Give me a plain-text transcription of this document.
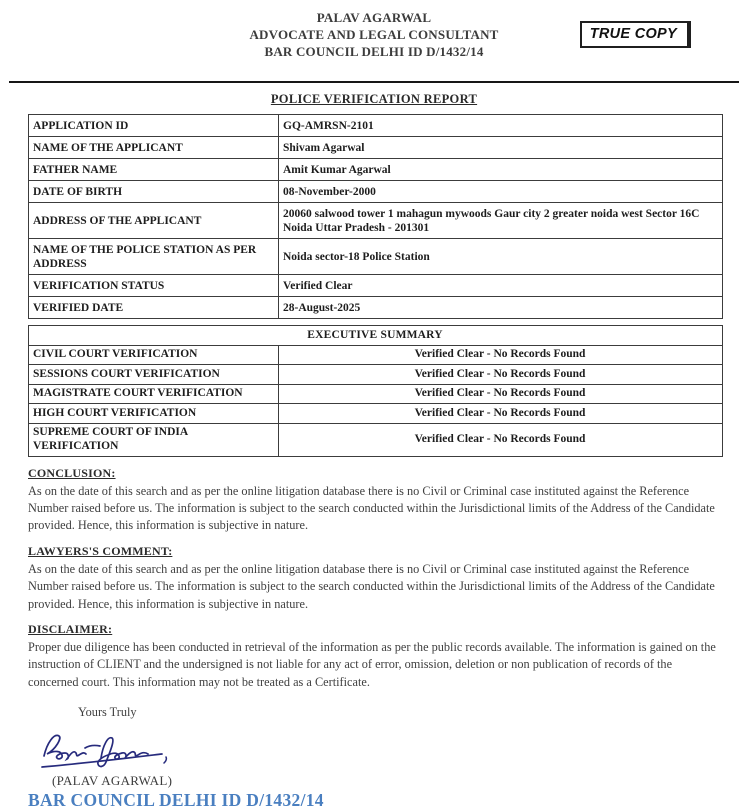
TRUE COPY
PALAV AGARWAL
ADVOCATE AND LEGAL CONSULTANT
BAR COUNCIL DELHI ID D/1432/14
POLICE VERIFICATION REPORT
APPLICATION ID	GQ-AMRSN-2101
NAME OF THE APPLICANT	Shivam Agarwal
FATHER NAME	Amit Kumar Agarwal
DATE OF BIRTH	08-November-2000
ADDRESS OF THE APPLICANT	20060 salwood tower 1 mahagun mywoods Gaur city 2 greater noida west Sector 16C Noida Uttar Pradesh - 201301
NAME OF THE POLICE STATION AS PER ADDRESS	Noida sector-18 Police Station
VERIFICATION STATUS	Verified Clear
VERIFIED DATE	28-August-2025
EXECUTIVE SUMMARY	
CIVIL COURT VERIFICATION	Verified Clear - No Records Found
SESSIONS COURT VERIFICATION	Verified Clear - No Records Found
MAGISTRATE COURT VERIFICATION	Verified Clear - No Records Found
HIGH COURT VERIFICATION	Verified Clear - No Records Found
SUPREME COURT OF INDIA VERIFICATION	Verified Clear - No Records Found
CONCLUSION:

As on the date of this search and as per the online litigation database there is no Civil or Criminal case instituted against the Reference Number raised before us. The information is subject to the search conducted within the Jurisdictional limits of the Address of the Candidate provided. Hence, this information is subjective in nature.

LAWYERS'S COMMENT:

As on the date of this search and as per the online litigation database there is no Civil or Criminal case instituted against the Reference Number raised before us. The information is subject to the search conducted within the Jurisdictional limits of the Address of the Candidate provided. Hence, this information is subjective in nature.

DISCLAIMER:

Proper due diligence has been conducted in retrieval of the information as per the public records available. The information is gained on the instruction of CLIENT and the undersigned is not liable for any act of error, omission, deletion or non publication of records of the concerned court. This information may not be treated as a Certificate.

Yours Truly
(PALAV AGARWAL)
BAR COUNCIL DELHI ID D/1432/14
